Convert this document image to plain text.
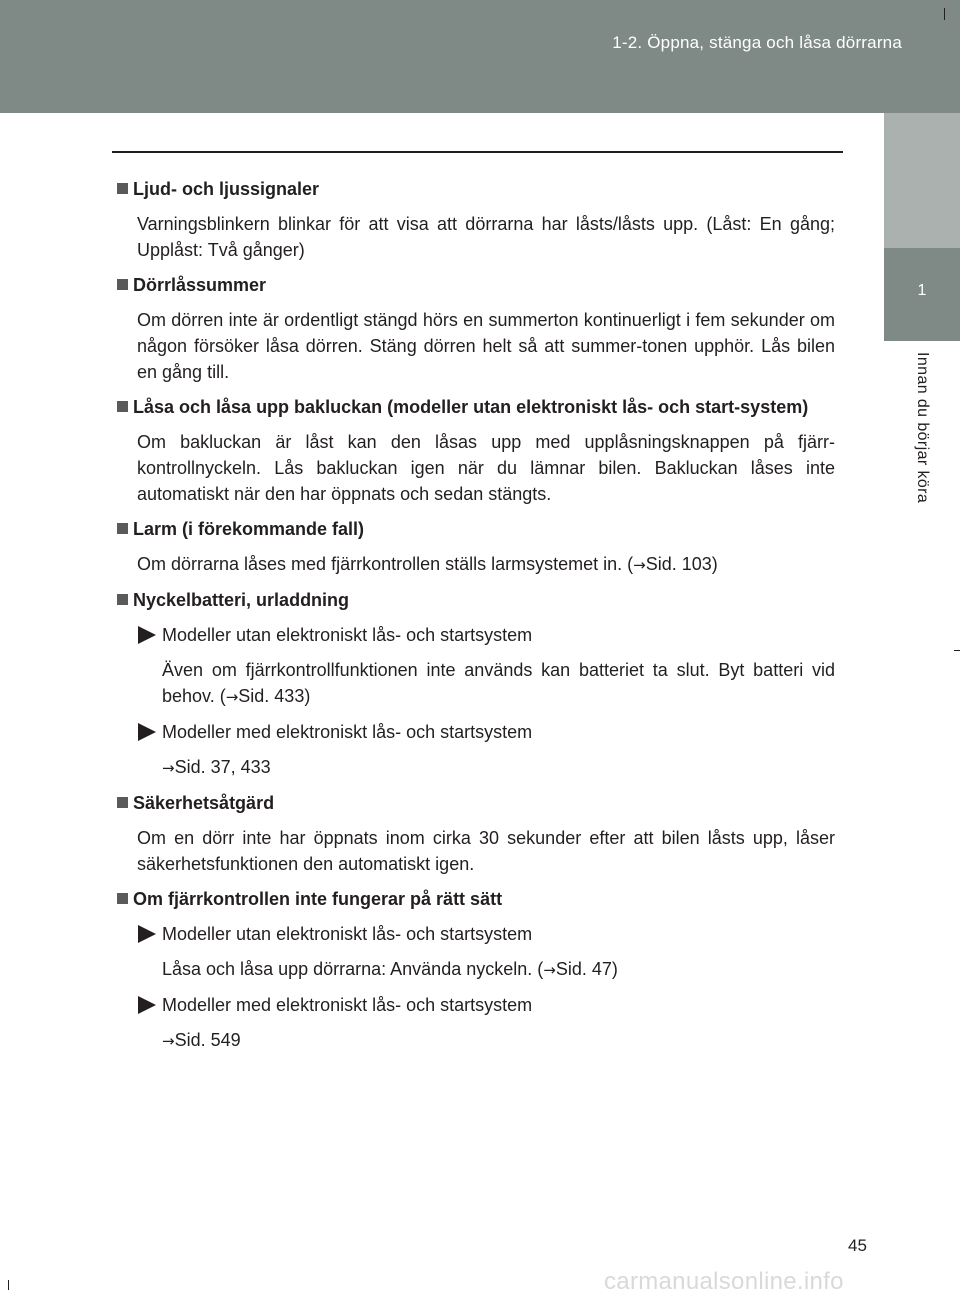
1-2. Öppna, stänga och låsa dörrarna
1
Innan du börjar köra
Ljud- och ljussignaler
Varningsblinkern blinkar för att visa att dörrarna har låsts/låsts upp. (Låst: En gång; Upplåst: Två gånger)
Dörrlåssummer
Om dörren inte är ordentligt stängd hörs en summerton kontinuerligt i fem sekunder om någon försöker låsa dörren. Stäng dörren helt så att summer-tonen upphör. Lås bilen en gång till.
Låsa och låsa upp bakluckan (modeller utan elektroniskt lås- och start-system)
Om bakluckan är låst kan den låsas upp med upplåsningsknappen på fjärr-kontrollnyckeln. Lås bakluckan igen när du lämnar bilen. Bakluckan låses inte automatiskt när den har öppnats och sedan stängts.
Larm (i förekommande fall)
Om dörrarna låses med fjärrkontrollen ställs larmsystemet in. (→Sid. 103)
Nyckelbatteri, urladdning
Modeller utan elektroniskt lås- och startsystem
Även om fjärrkontrollfunktionen inte används kan batteriet ta slut. Byt batteri vid behov. (→Sid. 433)
Modeller med elektroniskt lås- och startsystem
→Sid. 37, 433
Säkerhetsåtgärd
Om en dörr inte har öppnats inom cirka 30 sekunder efter att bilen låsts upp, låser säkerhetsfunktionen den automatiskt igen.
Om fjärrkontrollen inte fungerar på rätt sätt
Modeller utan elektroniskt lås- och startsystem
Låsa och låsa upp dörrarna: Använda nyckeln. (→Sid. 47)
Modeller med elektroniskt lås- och startsystem
→Sid. 549
45
carmanualsonline.info
